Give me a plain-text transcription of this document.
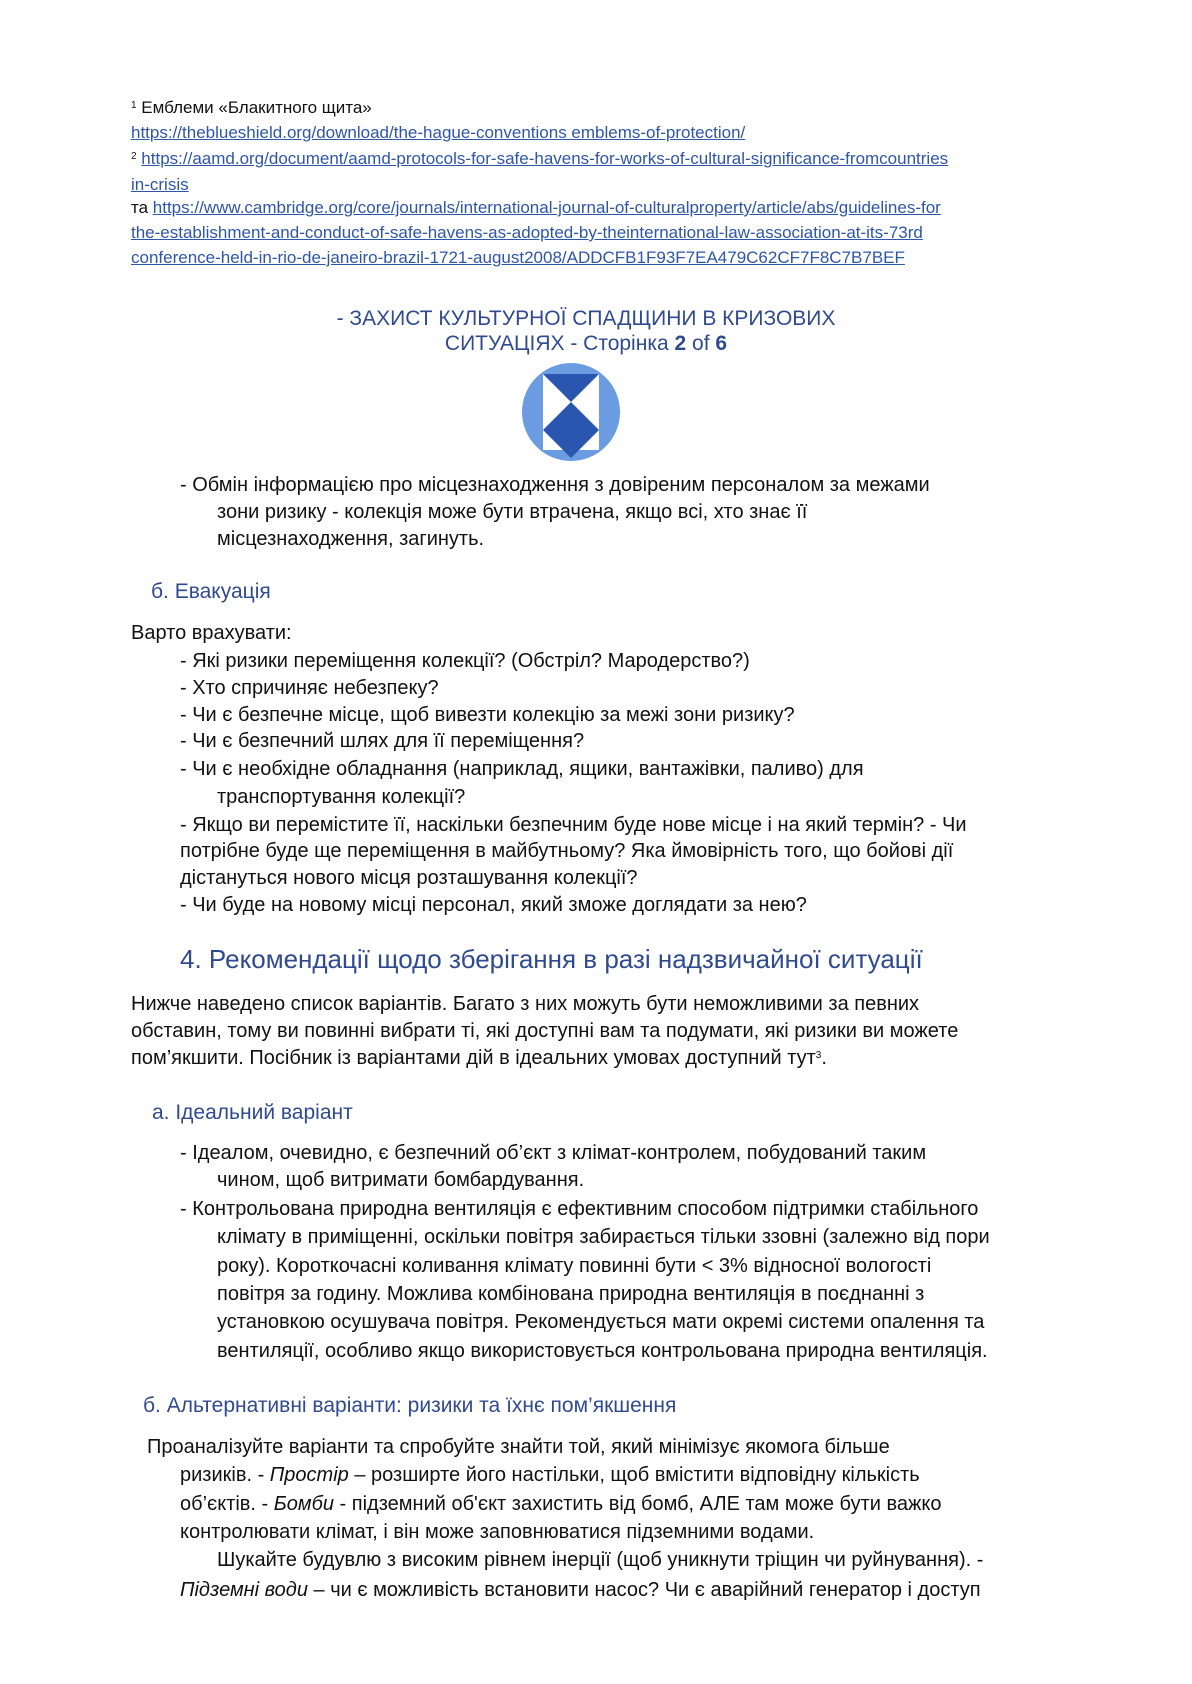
$^1$ Емблеми «Блакитного щита»
https://theblueshield.org/download/the-hague-conventions emblems-of-protection/
$^2$ https://aamd.org/document/aamd-protocols-for-safe-havens-for-works-of-cultural-significance-fromcountries
in-crisis
та https://www.cambridge.org/core/journals/international-journal-of-culturalproperty/article/abs/guidelines-for
the-establishment-and-conduct-of-safe-havens-as-adopted-by-theinternational-law-association-at-its-73rd
conference-held-in-rio-de-janeiro-brazil-1721-august2008/ADDCFB1F93F7EA479C62CF7F8C7B7BEF
- ЗАХИСТ КУЛЬТУРНОЇ СПАДЩИНИ В КРИЗОВИХ
СИТУАЦІЯХ - Сторінка 2 of 6
- Обмін інформацією про місцезнаходження з довіреним персоналом за межами
зони ризику - колекція може бути втрачена, якщо всі, хто знає її
місцезнаходження, загинуть.
б. Евакуація
Варто врахувати:
- Які ризики переміщення колекції? (Обстріл? Мародерство?)
- Хто спричиняє небезпеку?
- Чи є безпечне місце, щоб вивезти колекцію за межі зони ризику?
- Чи є безпечний шлях для її переміщення?
- Чи є необхідне обладнання (наприклад, ящики, вантажівки, паливо) для
транспортування колекції?
- Якщо ви перемістите її, наскільки безпечним буде нове місце і на який термін? - Чи
потрібне буде ще переміщення в майбутньому? Яка ймовірність того, що бойові дії
дістануться нового місця розташування колекції?
- Чи буде на новому місці персонал, який зможе доглядати за нею?
4. Рекомендації щодо зберігання в разі надзвичайної ситуації
Нижче наведено список варіантів. Багато з них можуть бути неможливими за певних
обставин, тому ви повинні вибрати ті, які доступні вам та подумати, які ризики ви можете
пом’якшити. Посібник із варіантами дій в ідеальних умовах доступний тут$^3$.
а. Ідеальний варіант
- Ідеалом, очевидно, є безпечний об’єкт з клімат-контролем, побудований таким
чином, щоб витримати бомбардування.
- Контрольована природна вентиляція є ефективним способом підтримки стабільного
клімату в приміщенні, оскільки повітря забирається тільки ззовні (залежно від пори
року). Короткочасні коливання клімату повинні бути < 3% відносної вологості
повітря за годину. Можлива комбінована природна вентиляція в поєднанні з
установкою осушувача повітря. Рекомендується мати окремі системи опалення та
вентиляції, особливо якщо використовується контрольована природна вентиляція.
б. Альтернативні варіанти: ризики та їхнє пом’якшення
Проаналізуйте варіанти та спробуйте знайти той, який мінімізує якомога більше
ризиків. - Простір – розширте його настільки, щоб вмістити відповідну кількість
об’єктів. - Бомби - підземний об'єкт захистить від бомб, АЛЕ там може бути важко
контролювати клімат, і він може заповнюватися підземними водами.
Шукайте будувлю з високим рівнем інерції (щоб уникнути тріщин чи руйнування). -
Підземні води – чи є можливість встановити насос? Чи є аварійний генератор і доступ
